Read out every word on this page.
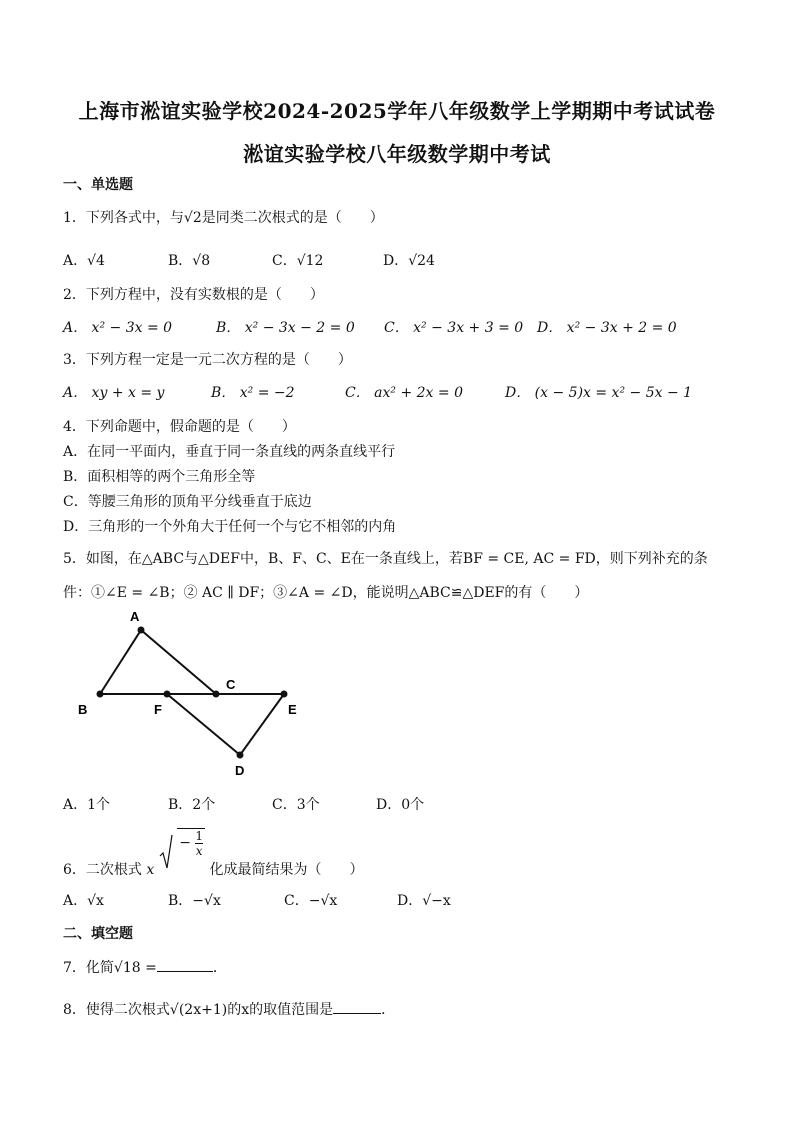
上海市淞谊实验学校2024-2025学年八年级数学上学期期中考试试卷
淞谊实验学校八年级数学期中考试
一、单选题
1．下列各式中，与√2是同类二次根式的是（　　）
A．√4	B．√8	C．√12	D．√24
2．下列方程中，没有实数根的是（　　）
A． x² − 3x = 0	B． x² − 3x − 2 = 0 C． x² − 3x + 3 = 0 D． x² − 3x + 2 = 0
3．下列方程一定是一元二次方程的是（　　）
A． xy + x = y	B． x² = −2	C． ax² + 2x = 0	D． (x − 5)x = x² − 5x − 1
4．下列命题中，假命题的是（　　）
A．在同一平面内，垂直于同一条直线的两条直线平行
B．面积相等的两个三角形全等
C．等腰三角形的顶角平分线垂直于底边
D．三角形的一个外角大于任何一个与它不相邻的内角
5．如图，在△ABC与△DEF中，B、F、C、E在一条直线上，若BF = CE, AC = FD，则下列补充的条
件：①∠E = ∠B；② AC ∥ DF；③∠A = ∠D，能说明△ABC≌△DEF的有（　　）
A
B	F
C
E
D
A．1个	B．2个	C．3个	D．0个
6．二次根式 $x - \frac{1}{x}$
化成最简结果为（　　）
A．√x	B．−√x	C．−√x	D．√−x
二、填空题
7．化简√18 =	．
8．使得二次根式√(2x+1)的x的取值范围是	．
